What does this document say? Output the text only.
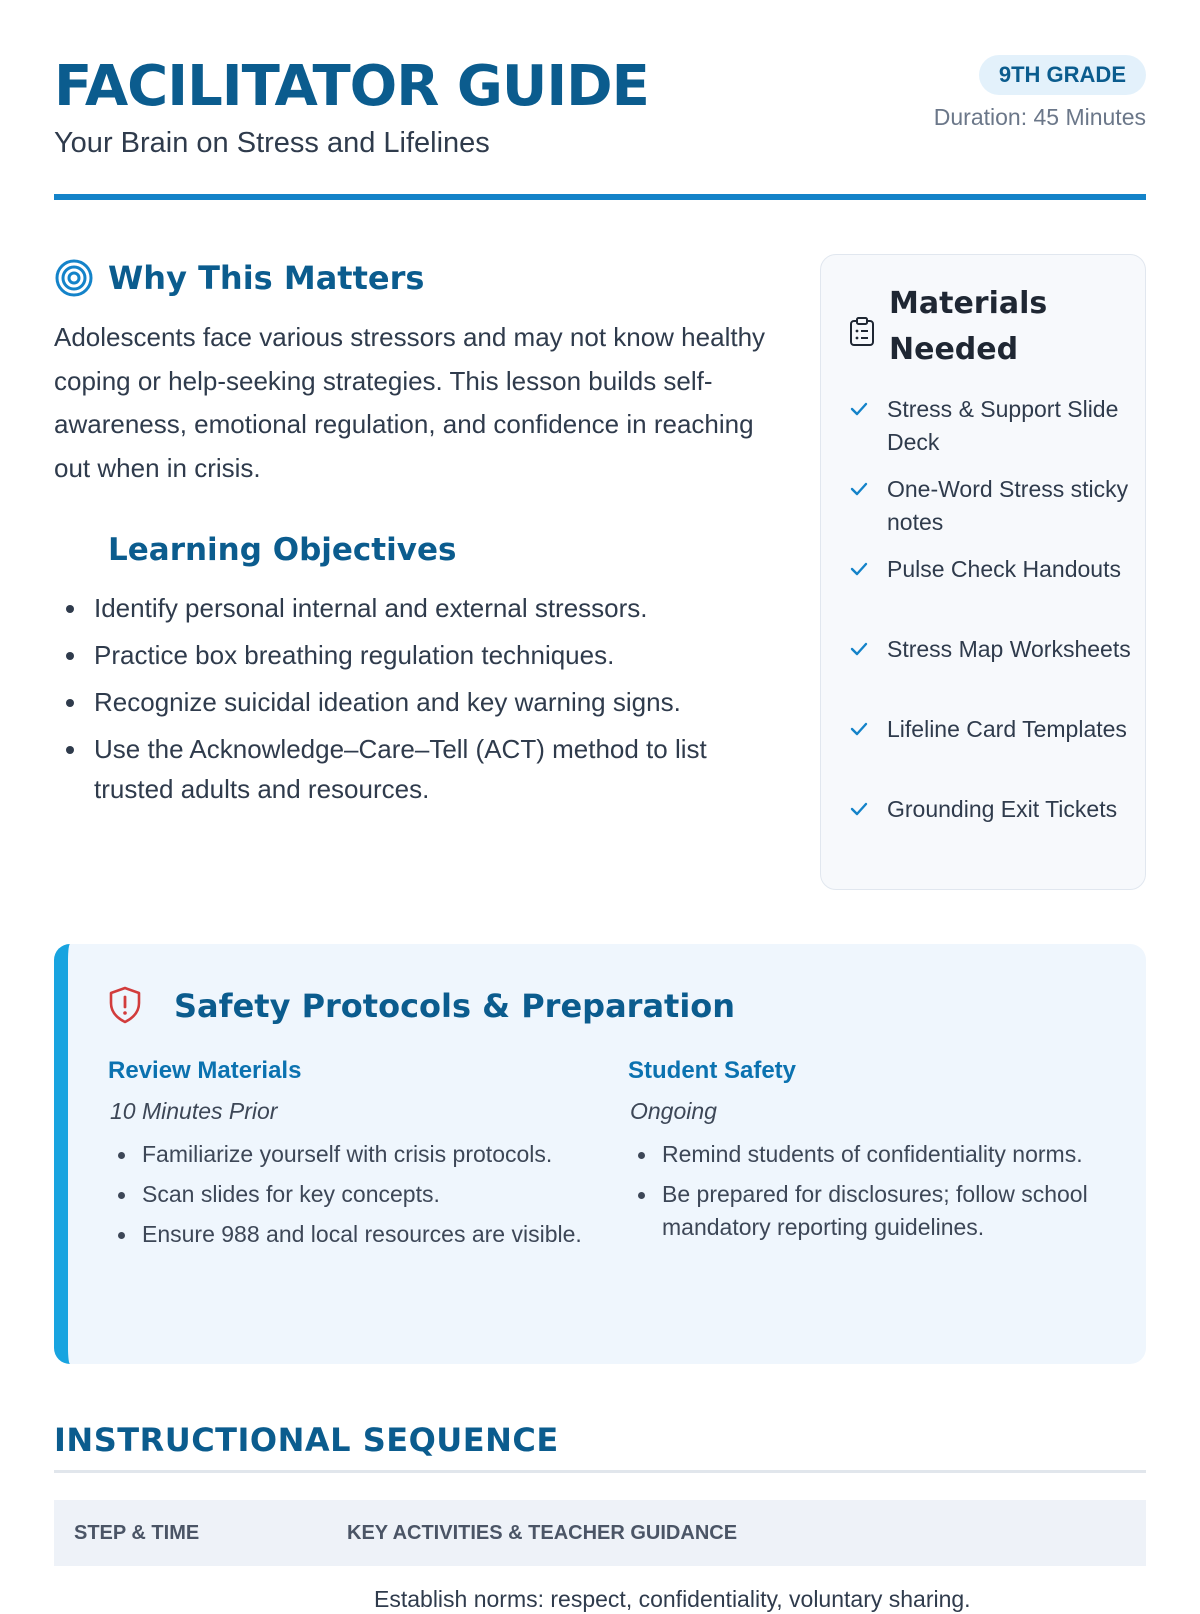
FACILITATOR GUIDE
Your Brain on Stress and Lifelines
9TH GRADE
Duration: 45 Minutes
Why This Matters

Adolescents face various stressors and may not know healthy coping or help-seeking strategies. This lesson builds self-awareness, emotional regulation, and confidence in reaching out when in crisis.

Learning Objectives
Identify personal internal and external stressors.
Practice box breathing regulation techniques.
Recognize suicidal ideation and key warning signs.
Use the Acknowledge–Care–Tell (ACT) method to list trusted adults and resources.
Materials Needed
Stress & Support Slide Deck
One-Word Stress sticky notes
Pulse Check Handouts
Stress Map Worksheets
Lifeline Card Templates
Grounding Exit Tickets
Safety Protocols & Preparation
Review Materials
10 Minutes Prior
Familiarize yourself with crisis protocols.
Scan slides for key concepts.
Ensure 988 and local resources are visible.
Student Safety
Ongoing
Remind students of confidentiality norms.
Be prepared for disclosures; follow school mandatory reporting guidelines.
INSTRUCTIONAL SEQUENCE
STEP & TIME	KEY ACTIVITIES & TEACHER GUIDANCE
Establish norms: respect, confidentiality, voluntary sharing.
